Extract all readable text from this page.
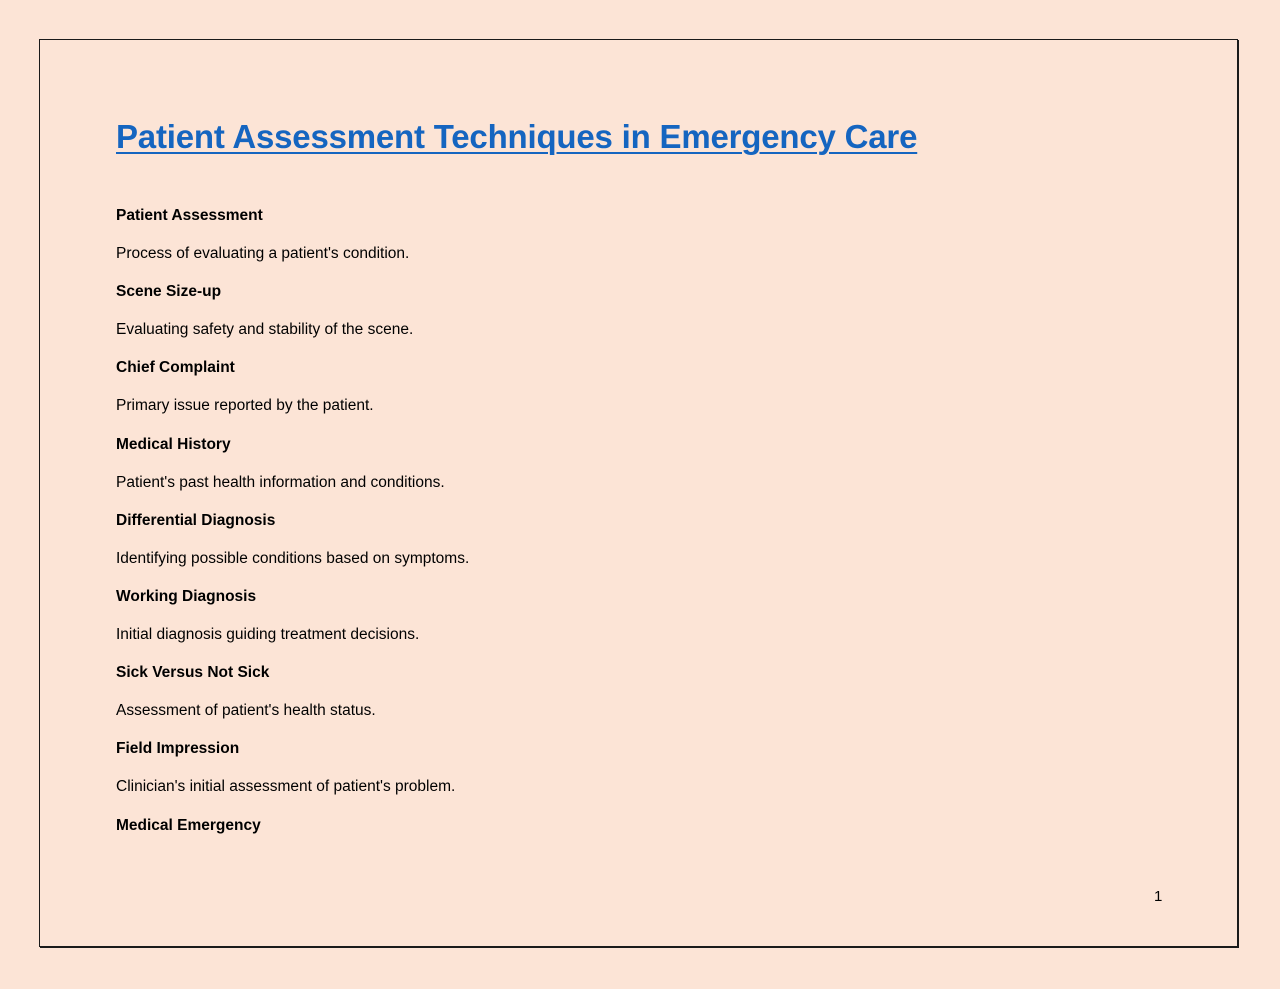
Patient Assessment Techniques in Emergency Care

Patient Assessment

Process of evaluating a patient's condition.

Scene Size-up

Evaluating safety and stability of the scene.

Chief Complaint

Primary issue reported by the patient.

Medical History

Patient's past health information and conditions.

Differential Diagnosis

Identifying possible conditions based on symptoms.

Working Diagnosis

Initial diagnosis guiding treatment decisions.

Sick Versus Not Sick

Assessment of patient's health status.

Field Impression

Clinician's initial assessment of patient's problem.

Medical Emergency

1
